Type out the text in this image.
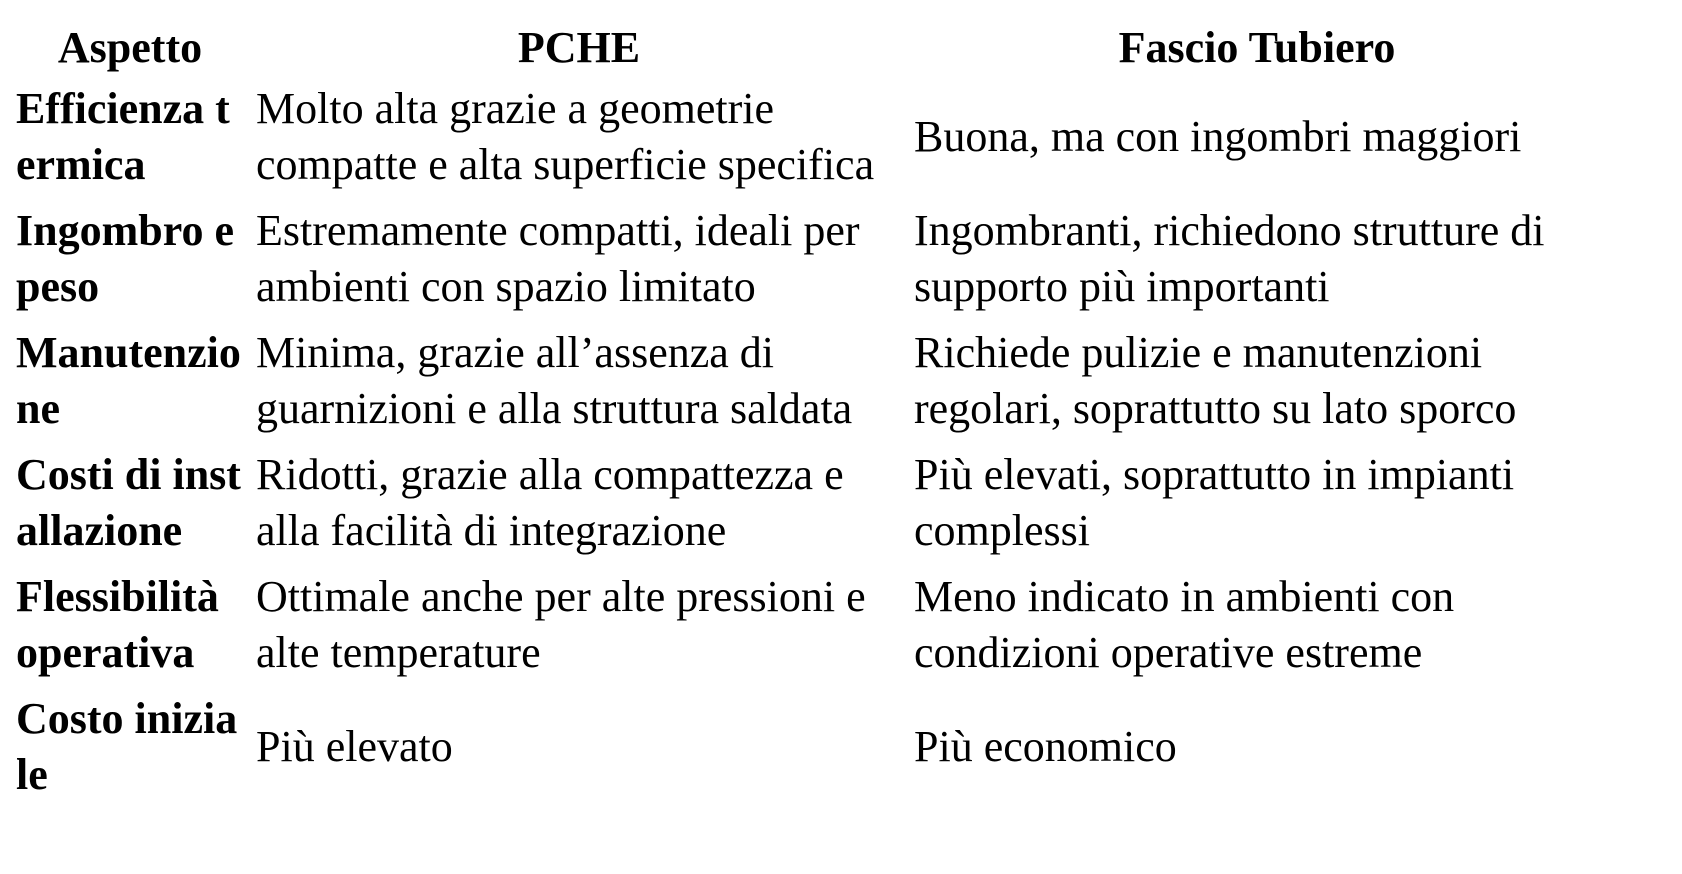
Aspetto	PCHE	Fascio Tubiero
Efficienza termica	Molto alta grazie a geometrie compatte e alta superficie specifica	Buona, ma con ingombri maggiori
Ingombro e peso	Estremamente compatti, ideali per ambienti con spazio limitato	Ingombranti, richiedono strutture di supporto più importanti
Manutenzione	Minima, grazie all’assenza di guarnizioni e alla struttura saldata	Richiede pulizie e manutenzioni regolari, soprattutto su lato sporco
Costi di installazione	Ridotti, grazie alla compattezza e alla facilità di integrazione	Più elevati, soprattutto in impianti complessi
Flessibilità operativa	Ottimale anche per alte pressioni e alte temperature	Meno indicato in ambienti con condizioni operative estreme
Costo iniziale	Più elevato	Più economico
